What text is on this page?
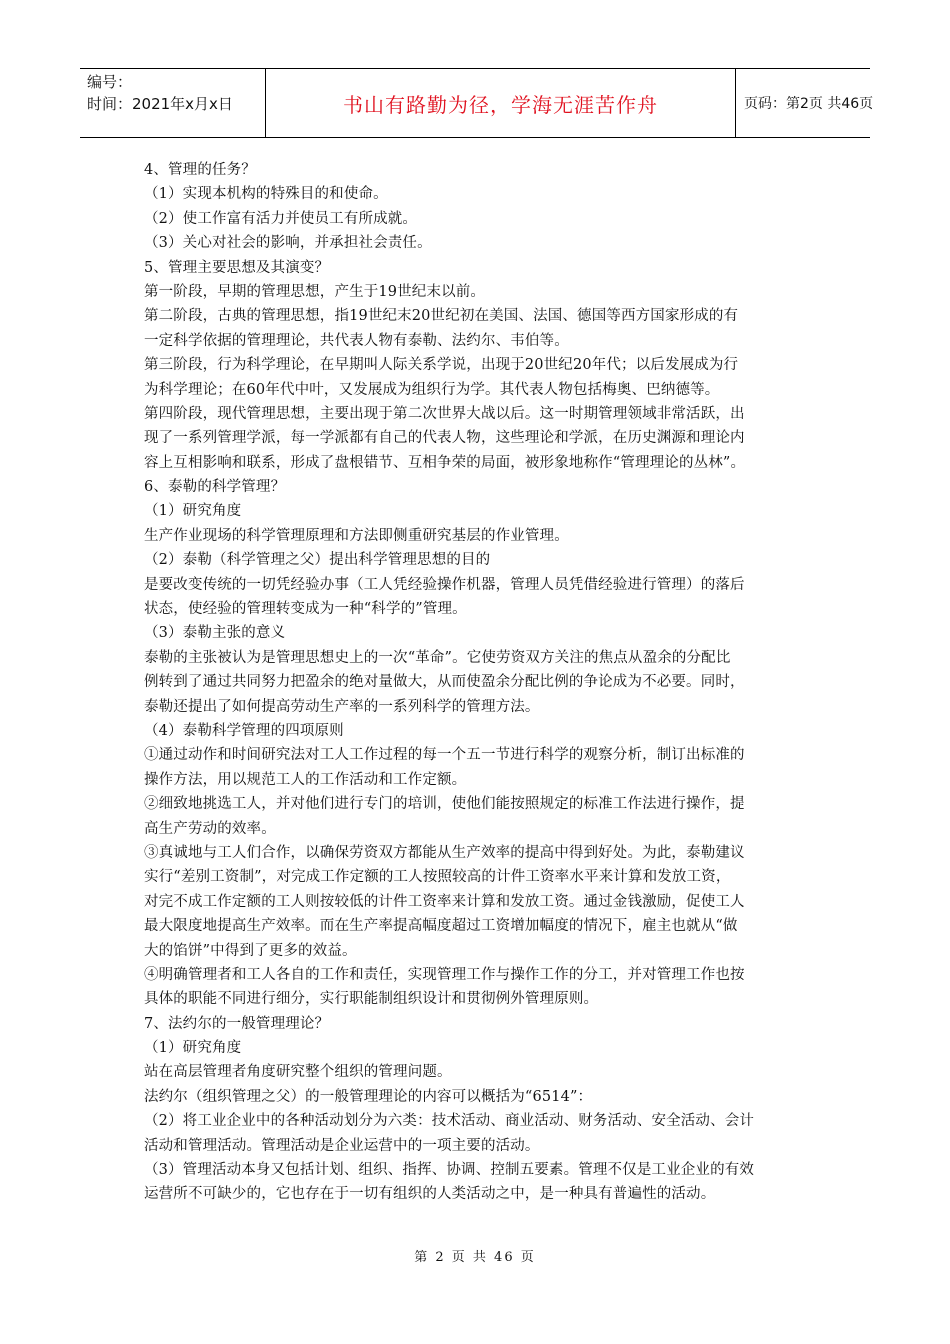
编号：
时间：2021年x月x日	书山有路勤为径，学海无涯苦作舟	页码：第2页 共46页
4、管理的任务？
（1）实现本机构的特殊目的和使命。
（2）使工作富有活力并使员工有所成就。
（3）关心对社会的影响，并承担社会责任。
5、管理主要思想及其演变？
第一阶段，早期的管理思想，产生于19世纪末以前。
第二阶段，古典的管理思想，指19世纪末20世纪初在美国、法国、德国等西方国家形成的有
一定科学依据的管理理论，共代表人物有泰勒、法约尔、韦伯等。
第三阶段，行为科学理论，在早期叫人际关系学说，出现于20世纪20年代；以后发展成为行
为科学理论；在60年代中叶，又发展成为组织行为学。其代表人物包括梅奥、巴纳德等。
第四阶段，现代管理思想，主要出现于第二次世界大战以后。这一时期管理领域非常活跃，出
现了一系列管理学派，每一学派都有自己的代表人物，这些理论和学派，在历史渊源和理论内
容上互相影响和联系，形成了盘根错节、互相争荣的局面，被形象地称作“管理理论的丛林”。
6、泰勒的科学管理？
（1）研究角度
生产作业现场的科学管理原理和方法即侧重研究基层的作业管理。
（2）泰勒（科学管理之父）提出科学管理思想的目的
是要改变传统的一切凭经验办事（工人凭经验操作机器，管理人员凭借经验进行管理）的落后
状态，使经验的管理转变成为一种“科学的”管理。
（3）泰勒主张的意义
泰勒的主张被认为是管理思想史上的一次“革命”。它使劳资双方关注的焦点从盈余的分配比
例转到了通过共同努力把盈余的绝对量做大，从而使盈余分配比例的争论成为不必要。同时，
泰勒还提出了如何提高劳动生产率的一系列科学的管理方法。
（4）泰勒科学管理的四项原则
①通过动作和时间研究法对工人工作过程的每一个五一节进行科学的观察分析，制订出标准的
操作方法，用以规范工人的工作活动和工作定额。
②细致地挑选工人，并对他们进行专门的培训，使他们能按照规定的标准工作法进行操作，提
高生产劳动的效率。
③真诚地与工人们合作，以确保劳资双方都能从生产效率的提高中得到好处。为此，泰勒建议
实行“差别工资制”，对完成工作定额的工人按照较高的计件工资率水平来计算和发放工资，
对完不成工作定额的工人则按较低的计件工资率来计算和发放工资。通过金钱激励，促使工人
最大限度地提高生产效率。而在生产率提高幅度超过工资增加幅度的情况下，雇主也就从“做
大的馅饼”中得到了更多的效益。
④明确管理者和工人各自的工作和责任，实现管理工作与操作工作的分工，并对管理工作也按
具体的职能不同进行细分，实行职能制组织设计和贯彻例外管理原则。
7、法约尔的一般管理理论？
（1）研究角度
站在高层管理者角度研究整个组织的管理问题。
法约尔（组织管理之父）的一般管理理论的内容可以概括为“6514”：
（2）将工业企业中的各种活动划分为六类：技术活动、商业活动、财务活动、安全活动、会计
活动和管理活动。管理活动是企业运营中的一项主要的活动。
（3）管理活动本身又包括计划、组织、指挥、协调、控制五要素。管理不仅是工业企业的有效
运营所不可缺少的，它也存在于一切有组织的人类活动之中，是一种具有普遍性的活动。
第 2 页 共 46 页
